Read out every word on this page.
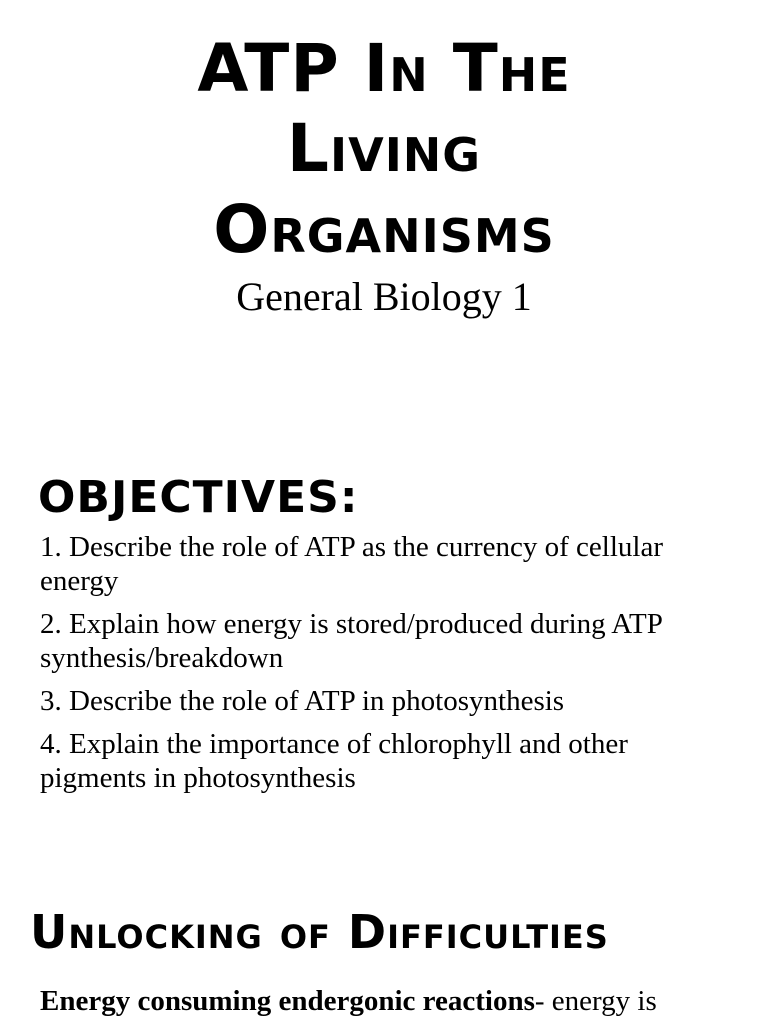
ATP In The
Living
Organisms
General Biology 1
OBJECTIVES:
1. Describe the role of ATP as the currency of cellular energy
2. Explain how energy is stored/produced during ATP synthesis/breakdown
3. Describe the role of ATP in photosynthesis
4. Explain the importance of chlorophyll and other pigments in photosynthesis
Unlocking of Difficulties
Energy consuming endergonic reactions- energy is
